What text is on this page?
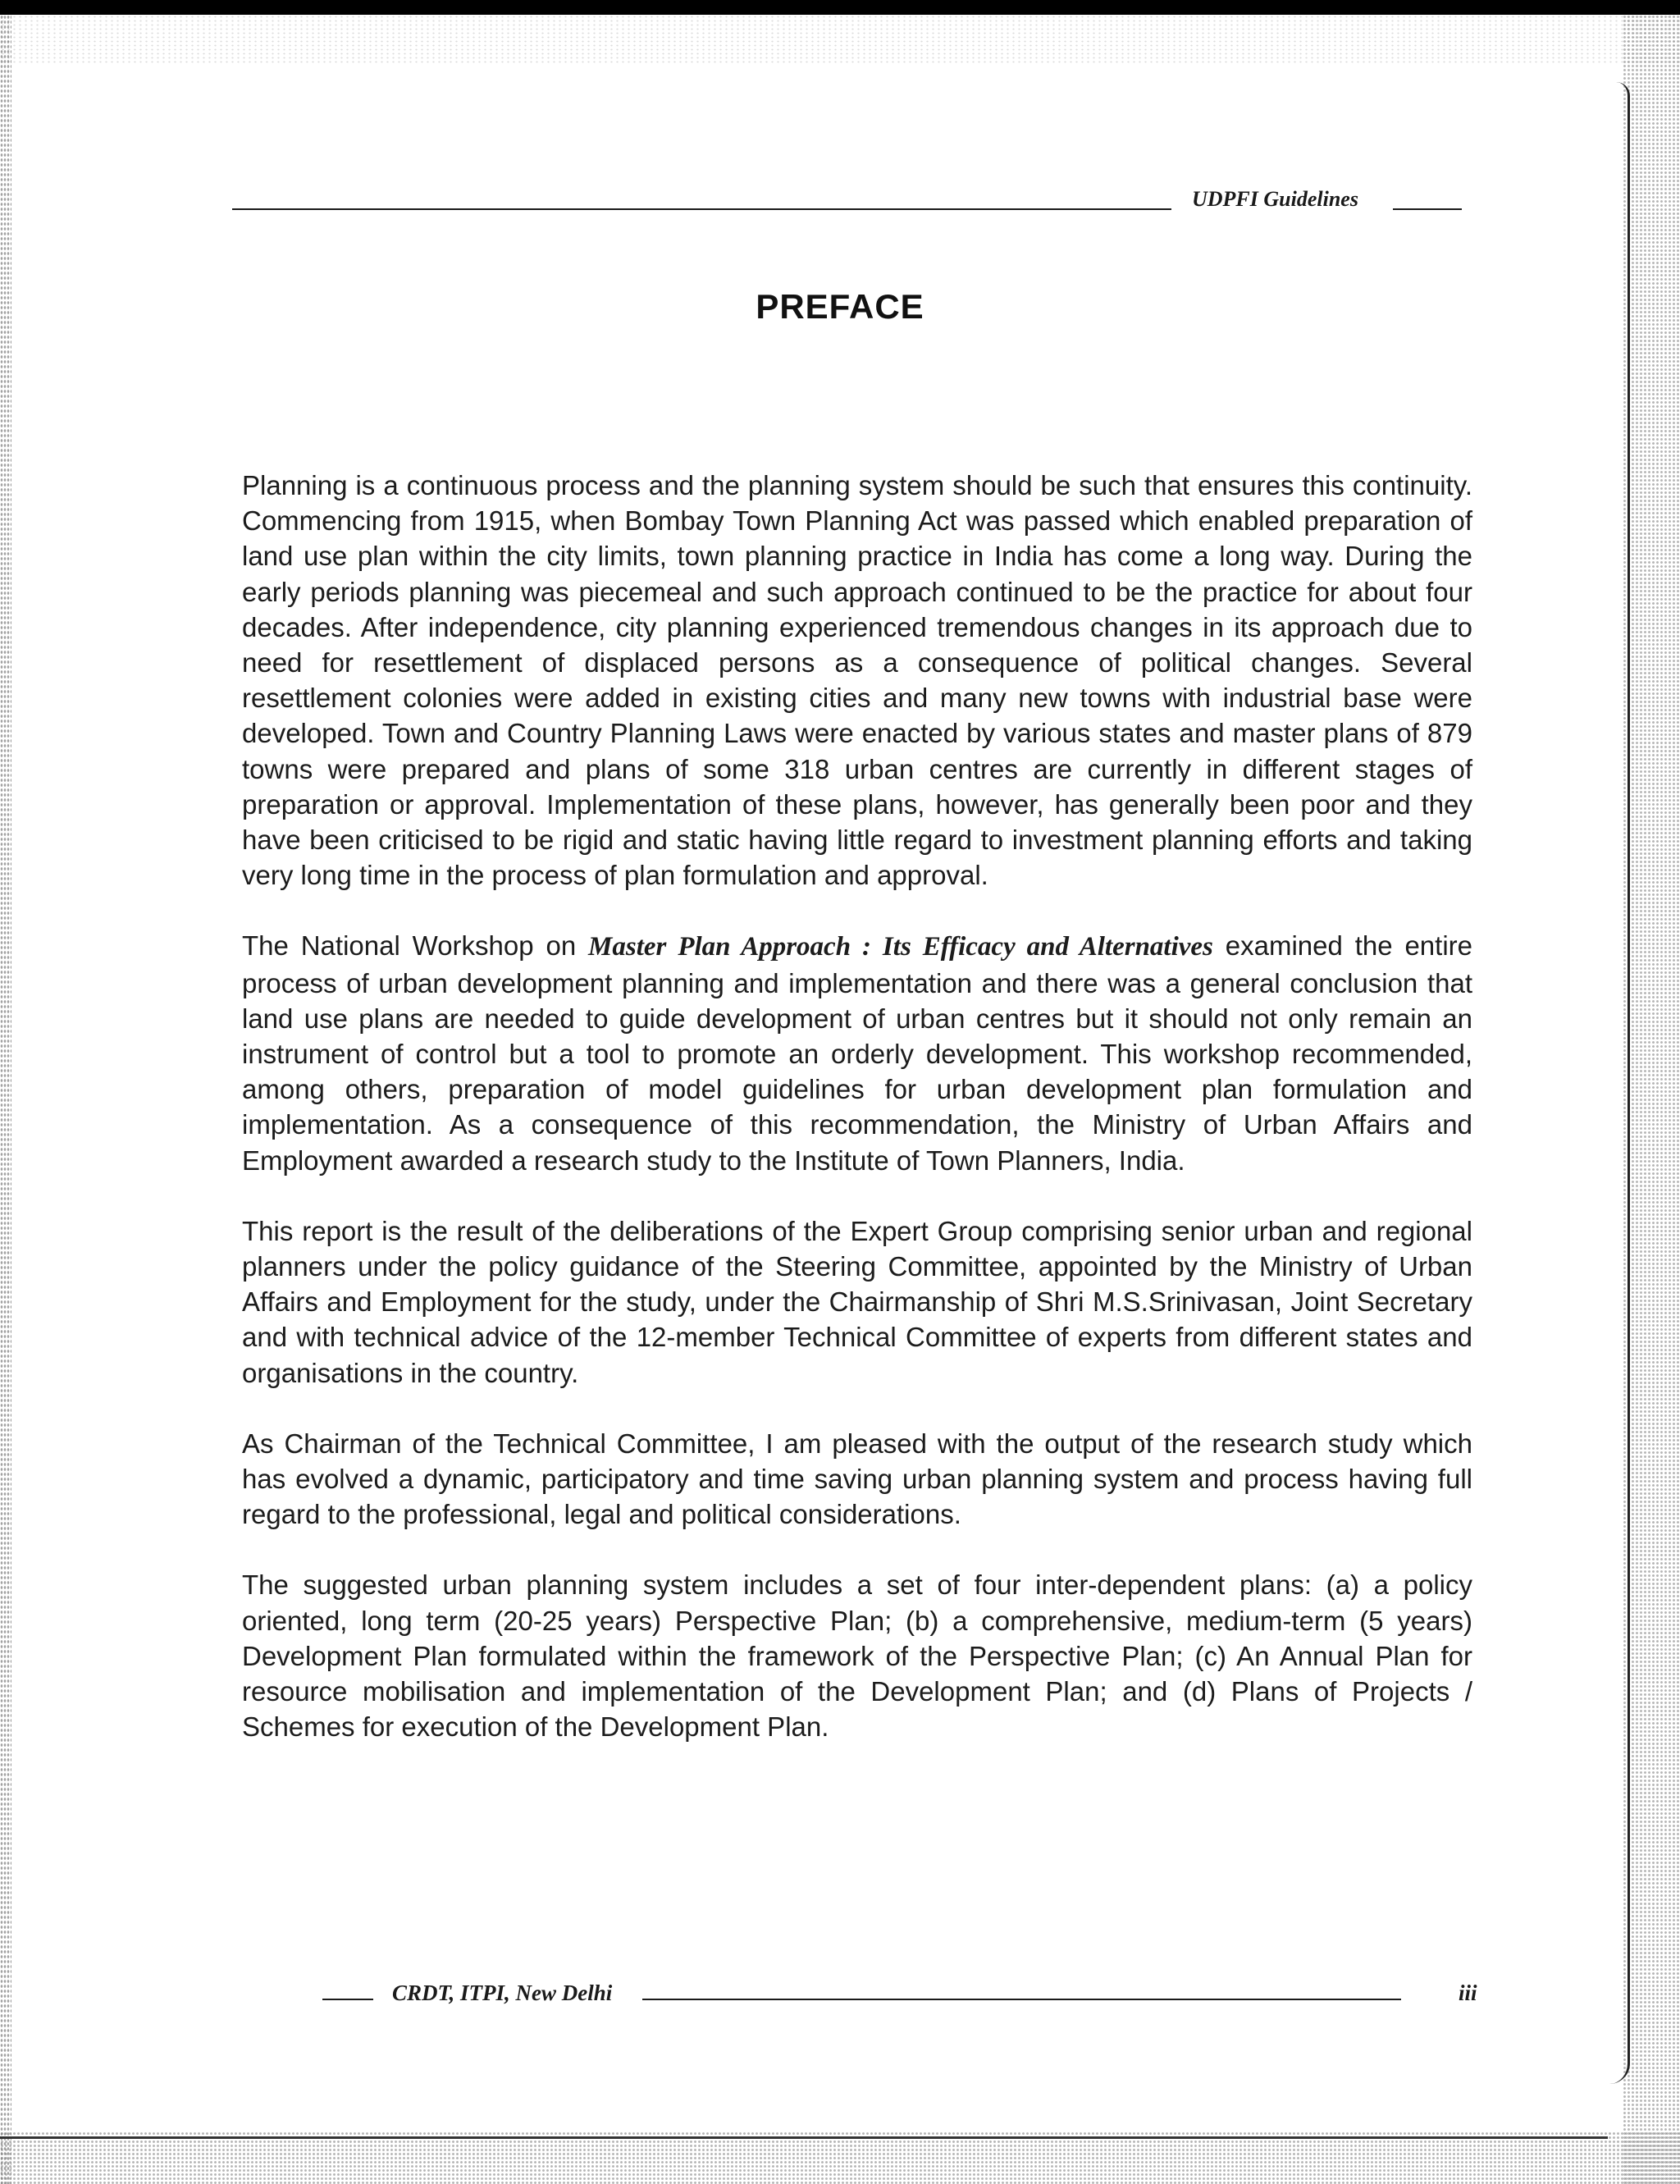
UDPFI Guidelines
PREFACE

Planning is a continuous process and the planning system should be such that ensures this continuity. Commencing from 1915, when Bombay Town Planning Act was passed which enabled preparation of land use plan within the city limits, town planning practice in India has come a long way. During the early periods planning was piecemeal and such approach continued to be the practice for about four decades. After independence, city planning experienced tremendous changes in its approach due to need for resettlement of displaced persons as a consequence of political changes. Several resettlement colonies were added in existing cities and many new towns with industrial base were developed. Town and Country Planning Laws were enacted by various states and master plans of 879 towns were prepared and plans of some 318 urban centres are currently in different stages of preparation or approval. Implementation of these plans, however, has generally been poor and they have been criticised to be rigid and static having little regard to investment planning efforts and taking very long time in the process of plan formulation and approval.

The National Workshop on Master Plan Approach : Its Efficacy and Alternatives examined the entire process of urban development planning and implementation and there was a general conclusion that land use plans are needed to guide development of urban centres but it should not only remain an instrument of control but a tool to promote an orderly development. This workshop recommended, among others, preparation of model guidelines for urban development plan formulation and implementation. As a consequence of this recommendation, the Ministry of Urban Affairs and Employment awarded a research study to the Institute of Town Planners, India.

This report is the result of the deliberations of the Expert Group comprising senior urban and regional planners under the policy guidance of the Steering Committee, appointed by the Ministry of Urban Affairs and Employment for the study, under the Chairmanship of Shri M.S.Srinivasan, Joint Secretary and with technical advice of the 12-member Technical Committee of experts from different states and organisations in the country.

As Chairman of the Technical Committee, I am pleased with the output of the research study which has evolved a dynamic, participatory and time saving urban planning system and process having full regard to the professional, legal and political considerations.

The suggested urban planning system includes a set of four inter-dependent plans: (a) a policy oriented, long term (20-25 years) Perspective Plan; (b) a comprehensive, medium-term (5 years) Development Plan formulated within the framework of the Perspective Plan; (c) An Annual Plan for resource mobilisation and implementation of the Development Plan; and (d) Plans of Projects / Schemes for execution of the Development Plan.

CRDT, ITPI, New Delhi	iii
